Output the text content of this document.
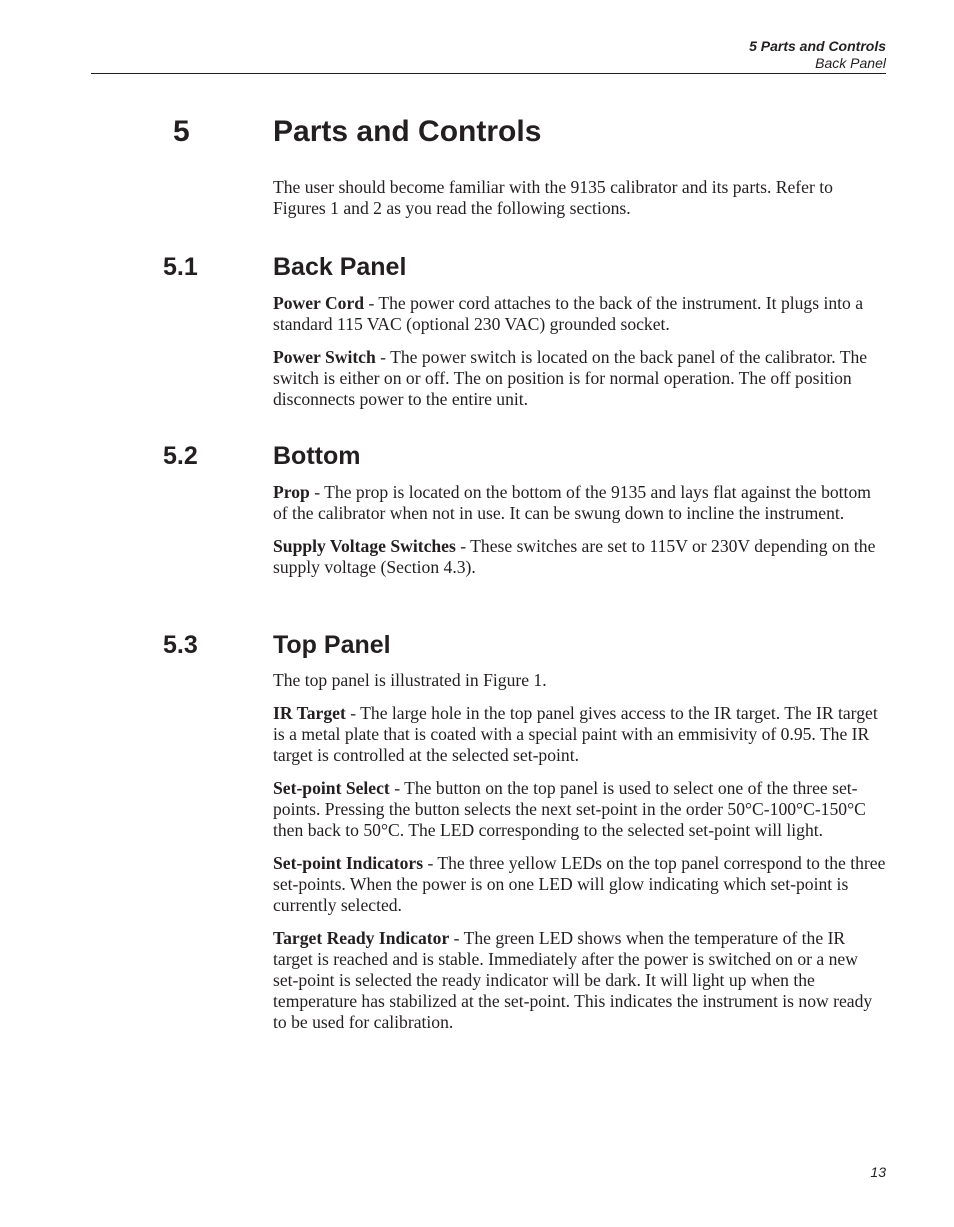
5 Parts and Controls
Back Panel
5	Parts and Controls

The user should become familiar with the 9135 calibrator and its parts. Refer to Figures 1 and 2 as you read the following sections.

5.1	Back Panel

Power Cord - The power cord attaches to the back of the instrument. It plugs into a standard 115 VAC (optional 230 VAC) grounded socket.

Power Switch - The power switch is located on the back panel of the calibrator. The switch is either on or off. The on position is for normal operation. The off position disconnects power to the entire unit.

5.2	Bottom

Prop - The prop is located on the bottom of the 9135 and lays flat against the bottom of the calibrator when not in use. It can be swung down to incline the instrument.

Supply Voltage Switches - These switches are set to 115V or 230V depending on the supply voltage (Section 4.3).

5.3	Top Panel

The top panel is illustrated in Figure 1.

IR Target - The large hole in the top panel gives access to the IR target. The IR target is a metal plate that is coated with a special paint with an emmisivity of 0.95. The IR target is controlled at the selected set-point.

Set-point Select - The button on the top panel is used to select one of the three set-points. Pressing the button selects the next set-point in the order 50°C-100°C-150°C then back to 50°C. The LED corresponding to the selected set-point will light.

Set-point Indicators - The three yellow LEDs on the top panel correspond to the three set-points. When the power is on one LED will glow indicating which set-point is currently selected.

Target Ready Indicator - The green LED shows when the temperature of the IR target is reached and is stable. Immediately after the power is switched on or a new set-point is selected the ready indicator will be dark. It will light up when the temperature has stabilized at the set-point. This indicates the instrument is now ready to be used for calibration.

13
